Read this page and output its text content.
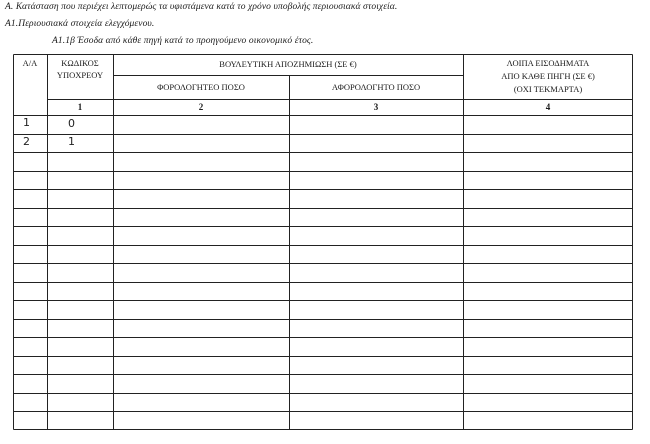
Α. Κατάσταση που περιέχει λεπτομερώς τα υφιστάμενα κατά το χρόνο υποβολής περιουσιακά στοιχεία.
Α1.Περιουσιακά στοιχεία ελεγχόμενου.
Α1.1β Έσοδα από κάθε πηγή κατά το προηγούμενο οικονομικό έτος.
Α/Α	ΚΩΔΙΚΟΣ
ΥΠΟΧΡΕΟΥ
ΒΟΥΛΕΥΤΙΚΗ ΑΠΟΖΗΜΙΩΣΗ (ΣΕ €)
ΦΟΡΟΛΟΓΗΤΕΟ ΠΟΣΟ	ΑΦΟΡΟΛΟΓΗΤΟ ΠΟΣΟ
ΛΟΙΠΑ ΕΙΣΟΔΗΜΑΤΑ
ΑΠΟ ΚΑΘΕ ΠΗΓΗ (ΣΕ €)
(ΟΧΙ ΤΕΚΜΑΡΤΑ)
1	2	3	4
1	0
2	1
